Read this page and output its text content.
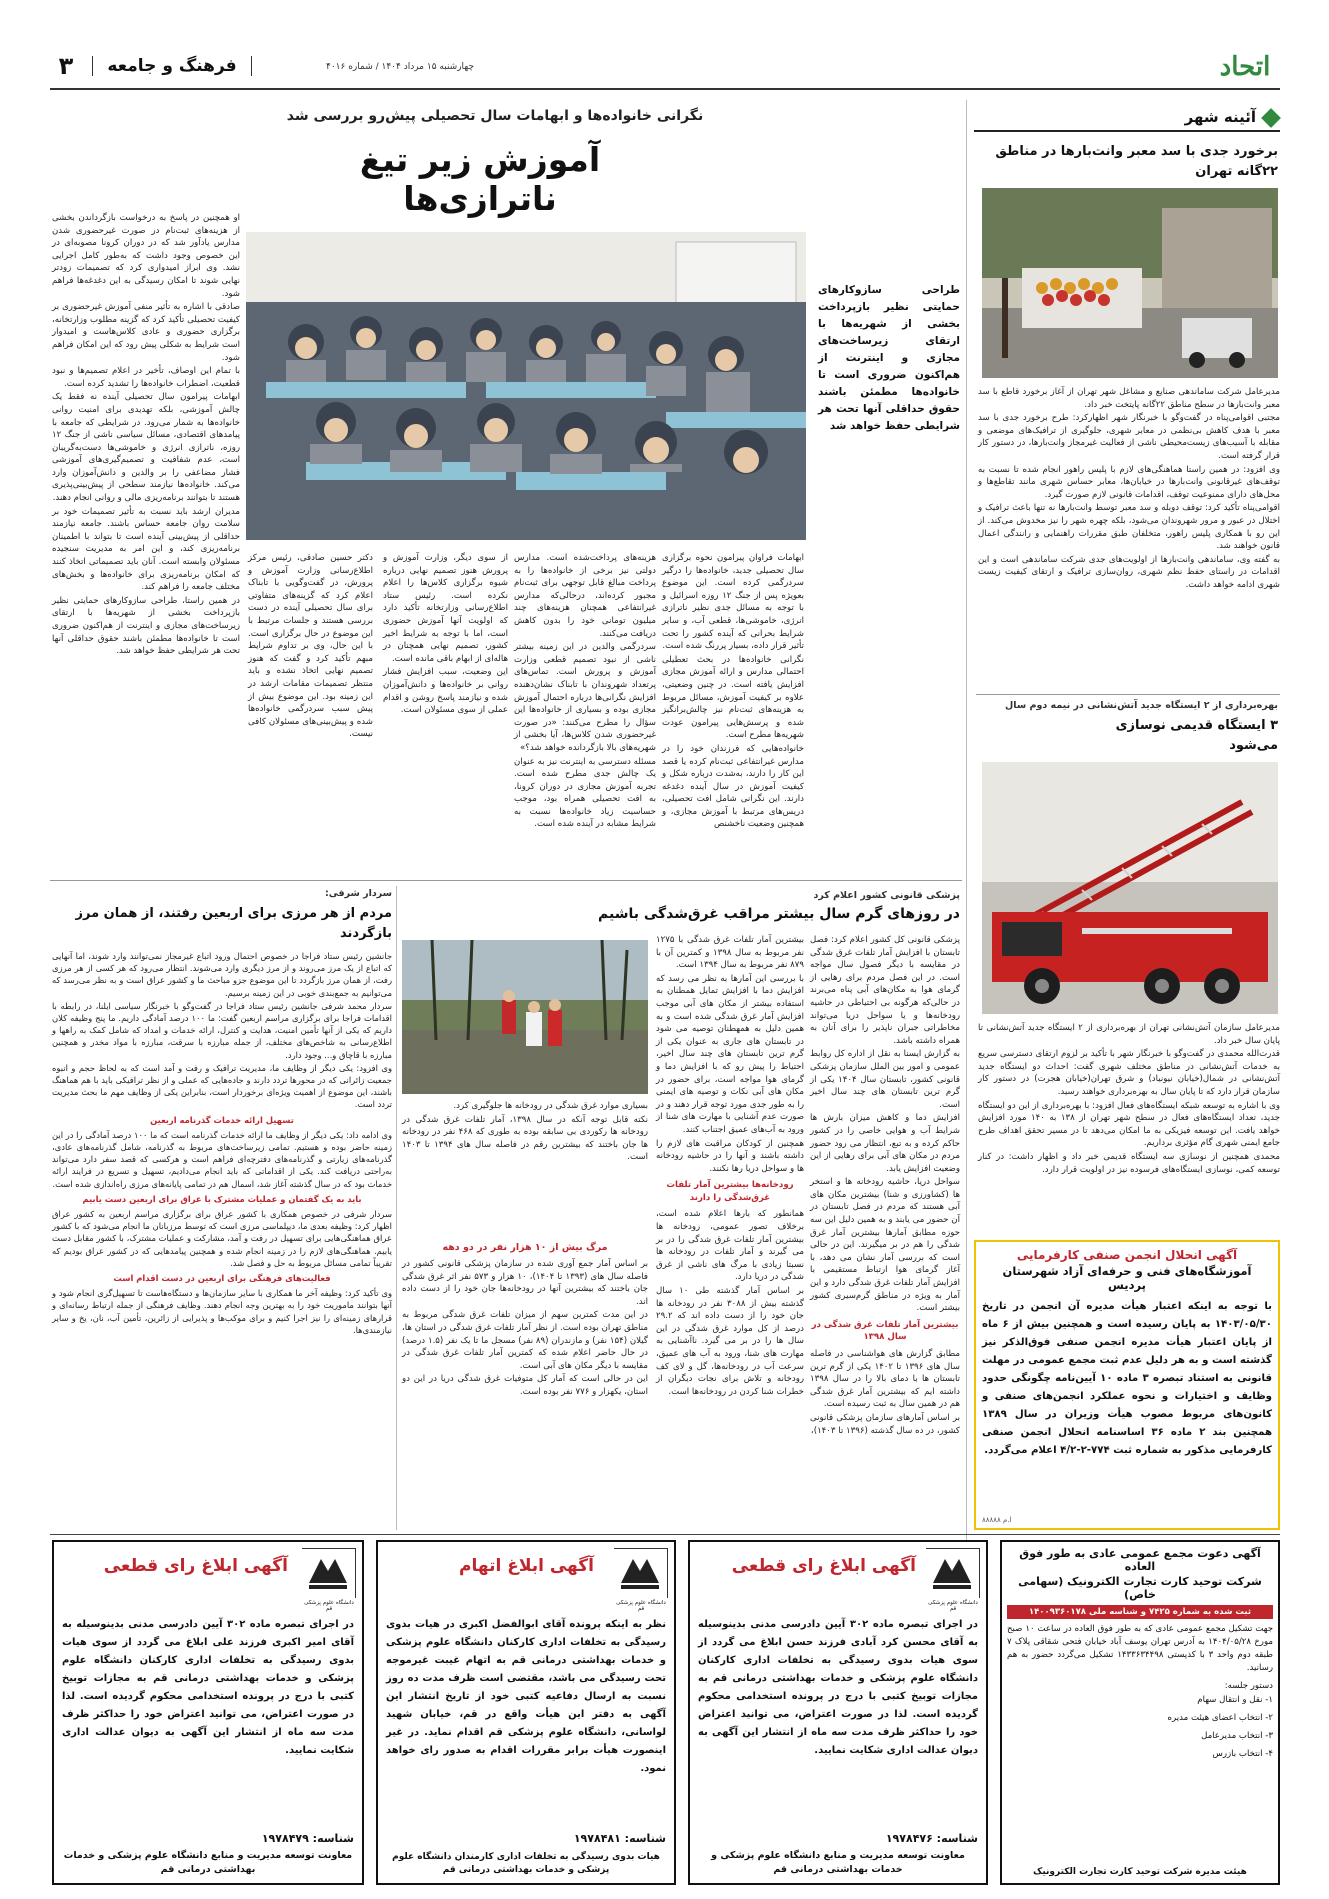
۳	فرهنگ و جامعه	چهارشنبه ۱۵ مرداد ۱۴۰۴ / شماره ۴۰۱۶	اتحاد
نگرانی خانواده‌ها و ابهامات سال تحصیلی پیش‌رو بررسی شد
آموزش زیر تیغ ناترازی‌ها
طراحی سازوکارهای حمایتی نظیر بازپرداخت بخشی از شهریه‌ها با ارتقای زیرساخت‌های مجازی و اینترنت از هم‌اکنون ضروری است تا خانواده‌ها مطمئن باشند حقوق حداقلی آنها تحت هر شرایطی حفظ خواهد شد

ابهامات فراوان پیرامون نحوه برگزاری سال تحصیلی جدید، خانواده‌ها را درگیر سردرگمی کرده است. این موضوع بعویژه پس از جنگ ۱۲ روزه اسرائیل و با توجه به مسائل جدی نظیر ناترازی انرژی، خاموشی‌ها، قطعی آب، و سایر شرایط بحرانی که آینده کشور را تحت تأثیر قرار داده، بسیار پررنگ شده است.

نگرانی خانواده‌ها در بحث تعطیلی احتمالی مدارس و ارائه آموزش مجازی افزایش یافته است. در چنین وضعیتی، علاوه بر کیفیت آموزش، مسائل مربوط به هزینه‌های ثبت‌نام نیز چالش‌برانگیز شده و پرسش‌هایی پیرامون عودت شهریه‌ها مطرح است.

خانواده‌هایی که فرزندان خود را در مدارس غیرانتفاعی ثبت‌نام کرده یا قصد این کار را دارند، به‌شدت درباره شکل و کیفیت آموزش در سال آینده دغدغه دارند. این نگرانی شامل افت تحصیلی، دریس‌های مرتبط با آموزش مجازی، و همچنین وضعیت ناخشنص

هزینه‌های پرداخت‌شده است. مدارس دولتی نیز برخی از خانواده‌ها را به پرداخت مبالغ قابل توجهی برای ثبت‌نام مجبور کرده‌اند، درحالی‌که مدارس غیرانتفاعی همچنان هزینه‌های چند میلیون تومانی خود را بدون کاهش دریافت می‌کنند.

سردرگمی والدین در این زمینه بیشتر ناشی از نبود تصمیم قطعی وزارت آموزش و پرورش است. تماس‌های پرتعداد شهروندان با تابناک نشان‌دهنده افزایش نگرانی‌ها درباره احتمال آموزش مجازی بوده و بسیاری از خانواده‌ها این سؤال را مطرح می‌کنند: «در صورت غیرحضوری شدن کلاس‌ها، آیا بخشی از شهریه‌های بالا بازگردانده خواهد شد؟»

مسئله دسترسی به اینترنت نیز به عنوان یک چالش جدی مطرح شده است. تجربه آموزش مجازی در دوران کرونا، به افت تحصیلی همراه بود، موجب حساسیت زیاد خانواده‌ها نسبت به شرایط مشابه در آینده شده است.

از سوی دیگر، وزارت آموزش و پرورش هنوز تصمیم نهایی درباره شیوه برگزاری کلاس‌ها را اعلام نکرده است. رئیس ستاد اطلاع‌رسانی وزارتخانه تأکید دارد که اولویت آنها آموزش حضوری است، اما با توجه به شرایط اخیر کشور، تصمیم نهایی همچنان در هاله‌ای از ابهام باقی مانده است.

این وضعیت، سبب افزایش فشار روانی بر خانواده‌ها و دانش‌آموزان شده و نیازمند پاسخ روشن و اقدام عملی از سوی مسئولان است.

دکتر حسین صادقی، رئیس مرکز اطلاع‌رسانی وزارت آموزش و پرورش، در گفت‌وگویی با تابناک اعلام کرد که گزینه‌های متفاوتی برای سال تحصیلی آینده در دست بررسی هستند و جلسات مرتبط با این موضوع در حال برگزاری است. با این حال، وی بر تداوم شرایط مبهم تأکید کرد و گفت که هنوز تصمیم نهایی اتخاذ نشده و باید منتظر تصمیمات مقامات ارشد در این زمینه بود. این موضوع بیش از پیش سبب سردرگمی خانواده‌ها شده و پیش‌بینی‌های مسئولان کافی نیست.

او همچنین در پاسخ به درخواست بازگرداندن بخشی از هزینه‌های ثبت‌نام در صورت غیرحضوری شدن مدارس یادآور شد که در دوران کرونا مصوبه‌ای در این خصوص وجود داشت که به‌طور کامل اجرایی نشد. وی ابراز امیدواری کرد که تصمیمات زودتر نهایی شوند تا امکان رسیدگی به این دغدغه‌ها فراهم شود.

صادقی با اشاره به تأثیر منفی آموزش غیرحضوری بر کیفیت تحصیلی تأکید کرد که گزینه مطلوب وزارتخانه، برگزاری حضوری و عادی کلاس‌هاست و امیدوار است شرایط به شکلی پیش رود که این امکان فراهم شود.

با تمام این اوصاف، تأخیر در اعلام تصمیم‌ها و نبود قطعیت، اضطراب خانواده‌ها را تشدید کرده است.

ابهامات پیرامون سال تحصیلی آینده نه فقط یک چالش آموزشی، بلکه تهدیدی برای امنیت روانی خانواده‌ها به شمار می‌رود. در شرایطی که جامعه با پیامدهای اقتصادی، مسائل سیاسی ناشی از جنگ ۱۲ روزه، ناترازی انرژی و خاموشی‌ها دست‌به‌گریبان است، عدم شفافیت و تصمیم‌گیری‌های آموزشی فشار مضاعفی را بر والدین و دانش‌آموزان وارد می‌کند. خانواده‌ها نیازمند سطحی از پیش‌بینی‌پذیری هستند تا بتوانند برنامه‌ریزی مالی و روانی انجام دهند.

مدیران ارشد باید نسبت به تأثیر تصمیمات خود بر سلامت روان جامعه حساس باشند. جامعه نیازمند حداقلی از پیش‌بینی آینده است تا بتواند با اطمینان برنامه‌ریزی کند، و این امر به مدیریت سنجیده مسئولان وابسته است. آنان باید تصمیماتی اتخاذ کنند که امکان برنامه‌ریزی برای خانواده‌ها و بخش‌های مختلف جامعه را فراهم کند.

در همین راستا، طراحی سازوکارهای حمایتی نظیر بازپرداخت بخشی از شهریه‌ها با ارتقای زیرساخت‌های مجازی و اینترنت از هم‌اکنون ضروری است تا خانواده‌ها مطمئن باشند حقوق حداقلی آنها تحت هر شرایطی حفظ خواهد شد.

آئینه شهر
برخورد جدی با سد معبر وانت‌بارها در مناطق ۲۲گانه تهران

مدیرعامل شرکت ساماندهی صنایع و مشاغل شهر تهران از آغاز برخورد قاطع با سد معبر وانت‌بارها در سطح مناطق ۲۲گانه پایتخت خبر داد.

مجتبی اقوامی‌پناه در گفت‌وگو با خبرنگار شهر اظهارکرد: طرح برخورد جدی با سد معبر با هدف کاهش بی‌نظمی در معابر شهری، جلوگیری از ترافیک‌های موضعی و مقابله با آسیب‌های زیست‌محیطی ناشی از فعالیت غیرمجاز وانت‌بارها، در دستور کار قرار گرفته است.

وی افزود: در همین راستا هماهنگی‌های لازم با پلیس راهور انجام شده تا نسبت به توقف‌های غیرقانونی وانت‌بارها در خیابان‌ها، معابر حساس شهری مانند تقاطع‌ها و محل‌های دارای ممنوعیت توقف، اقدامات قانونی لازم صورت گیرد.

اقوامی‌پناه تأکید کرد: توقف دوبله و سد معبر توسط وانت‌بارها نه تنها باعث ترافیک و اختلال در عبور و مرور شهروندان می‌شود، بلکه چهره شهر را نیز مخدوش می‌کند. از این رو با همکاری پلیس راهور، متخلفان طبق مقررات راهنمایی و رانندگی اعمال قانون خواهند شد.

به گفته وی، ساماندهی وانت‌بارها از اولویت‌های جدی شرکت ساماندهی است و این اقدامات در راستای حفظ نظم شهری، روان‌سازی ترافیک و ارتقای کیفیت زیست شهری ادامه خواهد داشت.

بهره‌برداری از ۲ ایستگاه جدید آتش‌نشانی در نیمه دوم سال
۳ ایستگاه قدیمی نوسازی می‌شود

مدیرعامل سازمان آتش‌نشانی تهران از بهره‌برداری از ۲ ایستگاه جدید آتش‌نشانی تا پایان سال خبر داد.

قدرت‌الله محمدی در گفت‌وگو با خبرنگار شهر با تأکید بر لزوم ارتقای دسترسی سریع به خدمات آتش‌نشانی در مناطق مختلف شهری گفت: احداث دو ایستگاه جدید آتش‌نشانی در شمال(خیابان نیونیاد) و شرق تهران(خیابان هجرت) در دستور کار سازمان قرار دارد که تا پایان سال به بهره‌برداری خواهند رسید.

وی با اشاره به توسعه شبکه ایستگاه‌های فعال افزود: با بهره‌برداری از این دو ایستگاه جدید، تعداد ایستگاه‌های فعال در سطح شهر تهران از ۱۳۸ به ۱۴۰ مورد افزایش خواهد یافت. این توسعه فیزیکی به ما امکان می‌دهد تا در مسیر تحقق اهداف طرح جامع ایمنی شهری گام مؤثری برداریم.

محمدی همچنین از نوسازی سه ایستگاه قدیمی خبر داد و اظهار داشت: در کنار توسعه کمی، نوسازی ایستگاه‌های فرسوده نیز در اولویت قرار دارد.

آگهی انحلال انجمن صنفی کارفرمایی
آموزشگاه‌های فنی و حرفه‌ای آزاد شهرستان پردیس
با توجه به اینکه اعتبار هیأت مدیره آن انجمن در تاریخ ۱۴۰۳/۰۵/۳۰ به پایان رسیده است و همچنین بیش از ۶ ماه از پایان اعتبار هیأت مدیره انجمن صنفی فوق‌الذکر نیز گذشته است و به هر دلیل عدم ثبت مجمع عمومی در مهلت قانونی به استناد تبصره ۳ ماده ۱۰ آیین‌نامه چگونگی حدود وظایف و اختیارات و نحوه عملکرد انجمن‌های صنفی و کانون‌های مربوط مصوب هیأت وزیران در سال ۱۳۸۹ همچنین بند ۲ ماده ۳۶ اساسنامه انحلال انجمن صنفی کارفرمایی مذکور به شماره ثبت ۷۷۴-۲-۴/۲ اعلام می‌گردد.
ا.م ۸۸۸۸۸
پزشکی قانونی کشور اعلام کرد
در روزهای گرم سال بیشتر مراقب غرق‌شدگی باشیم

پزشکی قانونی کل کشور اعلام کرد: فصل تابستان با افزایش آمار تلفات غرق شدگی در مقایسه با دیگر فصول سال مواجه است. در این فصل مردم برای رهایی از گرمای هوا به مکان‌های آبی پناه می‌برند در حالی‌که هرگونه بی احتیاطی در حاشیه رودخانه‌ها و یا سواحل دریا می‌تواند مخاطراتی جبران ناپذیر را برای آنان به همراه داشته باشد.

به گزارش ایسنا به نقل از اداره کل روابط عمومی و امور بین الملل سازمان پزشکی قانونی کشور، تابستان سال ۱۴۰۴ یکی از گرم ترین تابستان های چند سال اخیر است.

افزایش دما و کاهش میزان بارش ها شرایط آب و هوایی خاصی را در کشور حاکم کرده و به تبع، انتظار می رود حضور مردم در مکان های آبی برای رهایی از این وضعیت افزایش یابد.

سواحل دریا، حاشیه رودخانه ها و استخر ها (کشاورزی و شنا) بیشترین مکان های آبی هستند که مردم در فصل تابستان در آن حضور می یابند و به همین دلیل این سه حوزه مطابق آمارها بیشترین آمار غرق شدگی را هم در بر میگیرند. این در حالی است که بررسی آمار نشان می دهد، با آغاز گرمای هوا ارتباط مستقیمی با افزایش آمار تلفات غرق شدگی دارد و این آمار به ویژه در مناطق گرم‌سیری کشور بیشتر است.

بیشترین آمار تلفات غرق شدگی در سال ۱۳۹۸

مطابق گزارش های هواشناسی در فاصله سال های ۱۳۹۶ تا ۱۴۰۲ یکی از گرم ترین تابستان ها با دمای بالا را در سال ۱۳۹۸ داشته ایم که بیشترین آمار غرق شدگی هم در همین سال به ثبت رسیده است.

بر اساس آمارهای سازمان پزشکی قانونی کشور، در ده سال گذشته (۱۳۹۶ تا ۱۴۰۳)،

بیشترین آمار تلفات غرق شدگی با ۱۲۷۵ نفر مربوط به سال ۱۳۹۸ و کمترین آن با ۸۷۹ نفر مربوط به سال ۱۳۹۴ است.

با بررسی این آمارها به نظر می رسد که افزایش دما با افزایش تمایل همطنان به استفاده بیشتر از مکان های آبی موجب افزایش آمار غرق شدگی شده است و به همین دلیل به همهطنان توصیه می شود در تابستان های جاری به عنوان یکی از گرم ترین تابستان های چند سال اخیر، احتیاط را پیش رو که با افزایش دما و گرمای هوا مواجه است، برای حضور در مکان های آبی نکات و توصیه های ایمنی را به طور جدی مورد توجه قرار دهند و در صورت عدم آشنایی با مهارت های شنا از ورود به آب‌های عمیق اجتناب کنند.

همچنین از کودکان مراقبت های لازم را داشته باشند و آنها را در حاشیه رودخانه ها و سواحل دریا رها نکنند.

رودخانه‌ها بیشترین آمار تلفات غرق‌شدگی را دارند

همانطور که بارها اعلام شده است، برخلاف تصور عمومی، رودخانه ها بیشترین آمار تلفات غرق شدگی را در بر می گیرند و آمار تلفات در رودخانه ها نسبتا زیادی با مرگ های ناشی از غرق شدگی در دریا دارد.

بر اساس آمار گذشته طی ۱۰ سال گذشته بیش از ۳۰۸۸ نفر در رودخانه ها جان خود را از دست داده اند که ۲۹.۲ درصد از کل موارد غرق شدگی در این سال ها را در بر می گیرد. ناآشنایی به مهارت های شنا، ورود به آب های عمیق، سرعت آب در رودخانه‌ها، گل و لای کف رودخانه و تلاش برای نجات دیگران از خطرات شنا کردن در رودخانه‌ها است.

مرگ بیش از ۱۰ هزار نفر در دو دهه

بسیاری موارد غرق شدگی در رودخانه ها جلوگیری کرد.

نکته قابل توجه آنکه در سال ۱۳۹۸، آمار تلفات غرق شدگی در رودخانه ها رکوردی بی سابقه بوده به طوری که ۴۶۸ نفر در رودخانه ها جان باختند که بیشترین رقم در فاصله سال های ۱۳۹۴ تا ۱۴۰۳ است.

بر اساس آمار جمع آوری شده در سازمان پزشکی قانونی کشور در فاصله سال های (۱۳۹۳ تا ۱۴۰۴)، ۱۰ هزار و ۵۷۳ نفر اثر غرق شدگی جان باختند که بیشترین آنها در رودخانه‌ها جان خود را از دست داده اند.

در این مدت کمترین سهم از میزان تلفات غرق شدگی مربوط به مناطق تهران بوده است. از نظر آمار تلفات غرق شدگی در استان ها، گیلان (۱۵۴ نفر) و مازندران (۸۹ نفر) مسجل ما تا یک نفر (۱.۵ درصد) در حال حاضر اعلام شده که کمترین آمار تلفات غرق شدگی در مقایسه با دیگر مکان های آبی است.

این در حالی است که آمار کل متوفیات غرق شدگی دریا در این دو استان، یکهزار و ۷۷۶ نفر بوده است.

سردار شرفی:
مردم از هر مرزی برای اربعین رفتند، از همان مرز بازگردند

جانشین رئیس ستاد فراجا در خصوص احتمال ورود اتباع غیرمجاز نمی‌توانند وارد شوند، اما آنهایی که اتباع از یک مرز می‌روند و از مرز دیگری وارد می‌شوند. انتظار می‌رود که هر کسی از هر مرزی رفت، از همان مرز بازگردد تا این موضوع جزو مباحث ما و کشور عراق است و به نظر می‌رسد که می‌توانیم به جمع‌بندی خوبی در این زمینه برسیم.

سردار محمد شرفی جانشین رئیس ستاد فراجا در گفت‌وگو با خبرنگار سیاسی ایلنا، در رابطه با اقدامات فراجا برای برگزاری مراسم اربعین گفت: ما ۱۰۰ درصد آمادگی داریم. ما پنج وظیفه کلان داریم که یکی از آنها تأمین امنیت، هدایت و کنترل، ارائه خدمات و امداد که شامل کمک به راهها و اطلاع‌رسانی به شاخص‌های مختلف، از جمله مبارزه با سرقت، مبارزه با مواد مخدر و همچنین مبارزه با قاچاق و... وجود دارد.

وی افزود: یکی دیگر از وظایف ما، مدیریت ترافیک و رفت و آمد است که به لحاظ حجم و انبوه جمعیت زائرانی که در محورها تردد دارند و جاده‌هایی که عملی و از نظر ترافیکی باید با هم هماهنگ باشند، این موضوع از اهمیت ویژه‌ای برخوردار است، بنابراین یکی از وظایف مهم ما بحث مدیریت تردد است.

تسهیل ارائه خدمات گذرنامه اربعین

وی ادامه داد: یکی دیگر از وظایف ما ارائه خدمات گذرنامه است که ما ۱۰۰ درصد آمادگی را در این زمینه حاضر بوده و هستیم. تمامی زیرساخت‌های مربوط به گذرنامه، شامل گذرنامه‌های عادی، گذرنامه‌های زیارتی و گذرنامه‌های دفترچه‌ای فراهم است و هرکسی که قصد سفر دارد می‌تواند به‌راحتی دریافت کند. یکی از اقداماتی که باید انجام می‌دادیم، تسهیل و تسریع در فرایند ارائه خدمات بود که در سال گذشته آغاز شد، اسمال هم در تمامی پایانه‌های مرزی راه‌اندازی شده است.

باید به یک گفتمان و عملیات مشترک با عراق برای اربعین دست یابیم

سردار شرفی در خصوص همکاری با کشور عراق برای برگزاری مراسم اربعین به کشور عراق اظهار کرد: وظیفه بعدی ما، دیپلماسی مرزی است که توسط مرزبانان ما انجام می‌شود که با کشور عراق هماهنگی‌هایی برای تسهیل در رفت و آمد، مشارکت و عملیات مشترک، با کشور مقابل دست یابیم. هماهنگی‌های لازم را در زمینه انجام شده و همچنین پیامدهایی که در کشور عراق بودیم که تقریباً تمامی مسائل مربوط به حل و فصل شد.

فعالیت‌های فرهنگی برای اربعین در دست اقدام است

وی تأکید کرد: وظیفه آخر ما همکاری با سایر سازمان‌ها و دستگاه‌هاست تا تسهیل‌گری انجام شود و آنها بتوانند ماموریت خود را به بهترین وجه انجام دهند. وظایف فرهنگی از جمله ارتباط رسانه‌ای و قرارهای زمینه‌ای را نیز اجرا کنیم و برای موکب‌ها و پذیرایی از زائرین، تأمین آب، نان، یخ و سایر نیازمندی‌ها.

آگهی دعوت مجمع عمومی عادی به طور فوق العاده
شرکت توحید کارت تجارت الکترونیک (سهامی خاص)
ثبت شده به شماره ۷۴۲۵ و شناسه ملی ۱۴۰۰۹۳۶۰۱۷۸
جهت تشکیل مجمع عمومی عادی که به طور فوق العاده در ساعت ۱۰ صبح مورخ ۱۴۰۴/۰۵/۲۸ به آدرس تهران یوسف آباد خیابان فتحی شقاقی پلاک ۷ طبقه دوم واحد ۳ با کدپستی ۱۴۳۳۶۳۴۴۹۸ تشکیل می‌گردد حضور به هم رسانید.
دستور جلسه:
۱- نقل و انتقال سهام
۲- انتخاب اعضای هیئت مدیره
۳- انتخاب مدیرعامل
۴- انتخاب بازرس
هیئت مدیره شرکت توحید کارت تجارت الکترونیک
دانشگاه علوم پزشکی قم
آگهی ابلاغ رای قطعی
در اجرای تبصره ماده ۳۰۲ آیین دادرسی مدنی بدینوسیله به آقای محسن کرد آبادی فرزند حسن ابلاغ می گردد از سوی هیات بدوی رسیدگی به تخلفات اداری کارکنان دانشگاه علوم پزشکی و خدمات بهداشتی درمانی قم به مجازات توبیخ کتبی با درج در پرونده استخدامی محکوم گردیده است. لذا در صورت اعتراض، می توانید اعتراض خود را حداکثر ظرف مدت سه ماه از انتشار این آگهی به دیوان عدالت اداری شکایت نمایید.
شناسه: ۱۹۷۸۴۷۶
معاونت توسعه مدیریت و منابع دانشگاه علوم پزشکی و خدمات بهداشتی درمانی قم
دانشگاه علوم پزشکی قم
آگهی ابلاغ اتهام
نظر به اینکه پرونده آقای ابوالفضل اکبری در هیات بدوی رسیدگی به تخلفات اداری کارکنان دانشگاه علوم پزشکی و خدمات بهداشتی درمانی قم به اتهام غیبت غیرموجه تحت رسیدگی می باشد، مقتضی است ظرف مدت ده روز نسبت به ارسال دفاعیه کتبی خود از تاریخ انتشار این آگهی به دفتر این هیأت واقع در قم، خیابان شهید لواسانی، دانشگاه علوم پزشکی قم اقدام نماید. در غیر اینصورت هیأت برابر مقررات اقدام به صدور رای خواهد نمود.
شناسه: ۱۹۷۸۴۸۱
هیات بدوی رسیدگی به تخلفات اداری کارمندان دانشگاه علوم پزشکی و خدمات بهداشتی درمانی قم
دانشگاه علوم پزشکی قم
آگهی ابلاغ رای قطعی
در اجرای تبصره ماده ۳۰۲ آیین دادرسی مدنی بدینوسیله به آقای امیر اکبری فرزند علی ابلاغ می گردد از سوی هیات بدوی رسیدگی به تخلفات اداری کارکنان دانشگاه علوم پزشکی و خدمات بهداشتی درمانی قم به مجازات توبیخ کتبی با درج در پرونده استخدامی محکوم گردیده است. لذا در صورت اعتراض، می توانید اعتراض خود را حداکثر ظرف مدت سه ماه از انتشار این آگهی به دیوان عدالت اداری شکایت نمایید.
شناسه: ۱۹۷۸۴۷۹
معاونت توسعه مدیریت و منابع دانشگاه علوم پزشکی و خدمات بهداشتی درمانی قم
